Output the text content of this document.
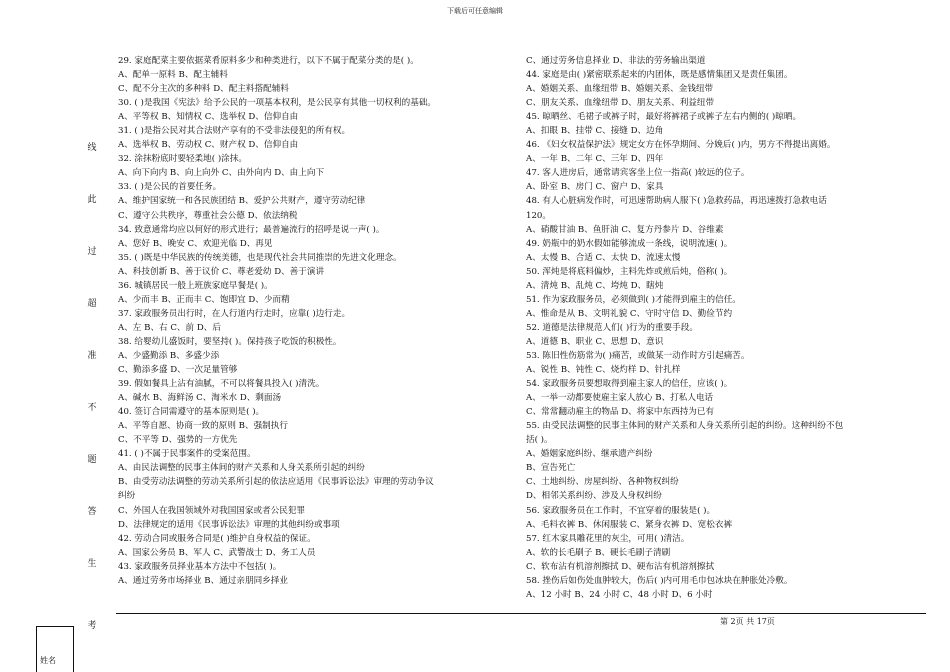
下载后可任意编辑
线
此
过
超
准
不
题
答
生
考
姓名
29. 家庭配菜主要依据菜肴原料多少和种类进行，以下不属于配菜分类的是( )。
A、配单一原料 B、配主辅料
C、配不分主次的多种料 D、配主料搭配辅料
30. ( )是我国《宪法》给予公民的一项基本权利，是公民享有其他一切权利的基础。
A、平等权 B、知情权 C、选举权 D、信仰自由
31. ( )是指公民对其合法财产享有的不受非法侵犯的所有权。
A、选举权 B、劳动权 C、财产权 D、信仰自由
32. 涂抹粉底时要轻柔地( )涂抹。
A、向下向内 B、向上向外 C、由外向内 D、由上向下
33. ( )是公民的首要任务。
A、维护国家统一和各民族团结 B、爱护公共财产，遵守劳动纪律
C、遵守公共秩序，尊重社会公德 D、依法纳税
34. 致意通常均应以何好的形式进行；最普遍流行的招呼是说一声( )。
A、您好 B、晚安 C、欢迎光临 D、再见
35. ( )既是中华民族的传统美德，也是现代社会共同推崇的先进文化理念。
A、科技创新 B、善于议价 C、尊老爱幼 D、善于演讲
36. 城镇居民一般上班族家庭早餐是( )。
A、少而丰 B、正而丰 C、饱即宜 D、少而精
37. 家政服务员出行时，在人行道内行走时，应靠( )边行走。
A、左 B、右 C、前 D、后
38. 给婴幼儿盛饭时，要坚持( )。保持孩子吃饭的积极性。
A、少盛勤添 B、多盛少添
C、勤添多盛 D、一次足量管够
39. 假如餐具上沾有油腻，不可以将餐具投入( )清洗。
A、碱水 B、海鲜汤 C、淘米水 D、剩面汤
40. 签订合同需遵守的基本原则是( )。
A、平等自愿、协商一致的原则 B、强制执行
C、不平等 D、强势的一方优先
41. ( )不属于民事案件的受案范围。
A、由民法调整的民事主体间的财产关系和人身关系所引起的纠纷
B、由受劳动法调整的劳动关系所引起的依法应适用《民事诉讼法》审理的劳动争议
纠纷
C、外国人在我国领域外对我国国家或者公民犯罪
D、法律规定的适用《民事诉讼法》审理的其他纠纷或事项
42. 劳动合同或服务合同是( )维护自身权益的保证。
A、国家公务员 B、军人 C、武警战士 D、务工人员
43. 家政服务员择业基本方法中不包括( )。
A、通过劳务市场择业 B、通过亲朋同乡择业
C、通过劳务信息择业 D、非法的劳务输出渠道
44. 家庭是由( )紧密联系起来的内团体，既是感情集团又是责任集团。
A、婚姻关系、血缘纽带 B、婚姻关系、金钱纽带
C、朋友关系、血缘纽带 D、朋友关系、利益纽带
45. 晾晒丝、毛裙子或裤子时，最好将裤裙子或裤子左右内侧的( )晾晒。
A、扣眼 B、挂带 C、接缝 D、边角
46. 《妇女权益保护法》规定女方在怀孕期间、分娩后( )内，男方不得提出离婚。
A、一年 B、二年 C、三年 D、四年
47. 客人进房后，通常请宾客坐上位一指高( )较远的位子。
A、卧室 B、房门 C、窗户 D、家具
48. 有人心脏病发作时，可迅速帮助病人服下( )急救药品，再迅速拨打急救电话
120。
A、硝酸甘油 B、鱼肝油 C、复方丹参片 D、谷维素
49. 奶瓶中的奶水假如能够流成一条线，说明流速( )。
A、太慢 B、合适 C、太快 D、流速太慢
50. 浑炖是将底料偏炒，主料先炸或煎后炖，俗称( )。
A、清炖 B、乱炖 C、垮炖 D、瞎炖
51. 作为家政服务员，必须做到( )才能得到雇主的信任。
A、惟命是从 B、文明礼貌 C、守时守信 D、勤俭节约
52. 道德是法律规范人们( )行为的重要手段。
A、道德 B、职业 C、思想 D、意识
53. 陈旧性伤筋常为( )痛苦，或做某一动作时方引起痛苦。
A、锐性 B、钝性 C、烧灼样 D、针扎样
54. 家政服务员要想取得到雇主家人的信任，应该( )。
A、一举一动都要使雇主家人放心 B、打私人电话
C、常常翻动雇主的物品 D、将家中东西持为已有
55. 由受民法调整的民事主体间的财产关系和人身关系所引起的纠纷。这种纠纷不包
括( )。
A、婚姻家庭纠纷、继承遗产纠纷
B、宣告死亡
C、土地纠纷、房屋纠纷、各种物权纠纷
D、相邻关系纠纷、涉及人身权纠纷
56. 家政服务员在工作时，不宜穿着的服装是( )。
A、毛料衣裤 B、休闲服装 C、紧身衣裤 D、宽松衣裤
57. 红木家具雕花里的灰尘，可用( )清洁。
A、软的长毛刷子 B、硬长毛刷子清刷
C、软布沾有机溶剂擦拭 D、硬布沾有机溶剂擦拭
58. 挫伤后如伤处血肿较大，伤后( )内可用毛巾包冰块在肿胀处冷敷。
A、12 小时 B、24 小时 C、48 小时 D、6 小时
第 2页 共 17页
